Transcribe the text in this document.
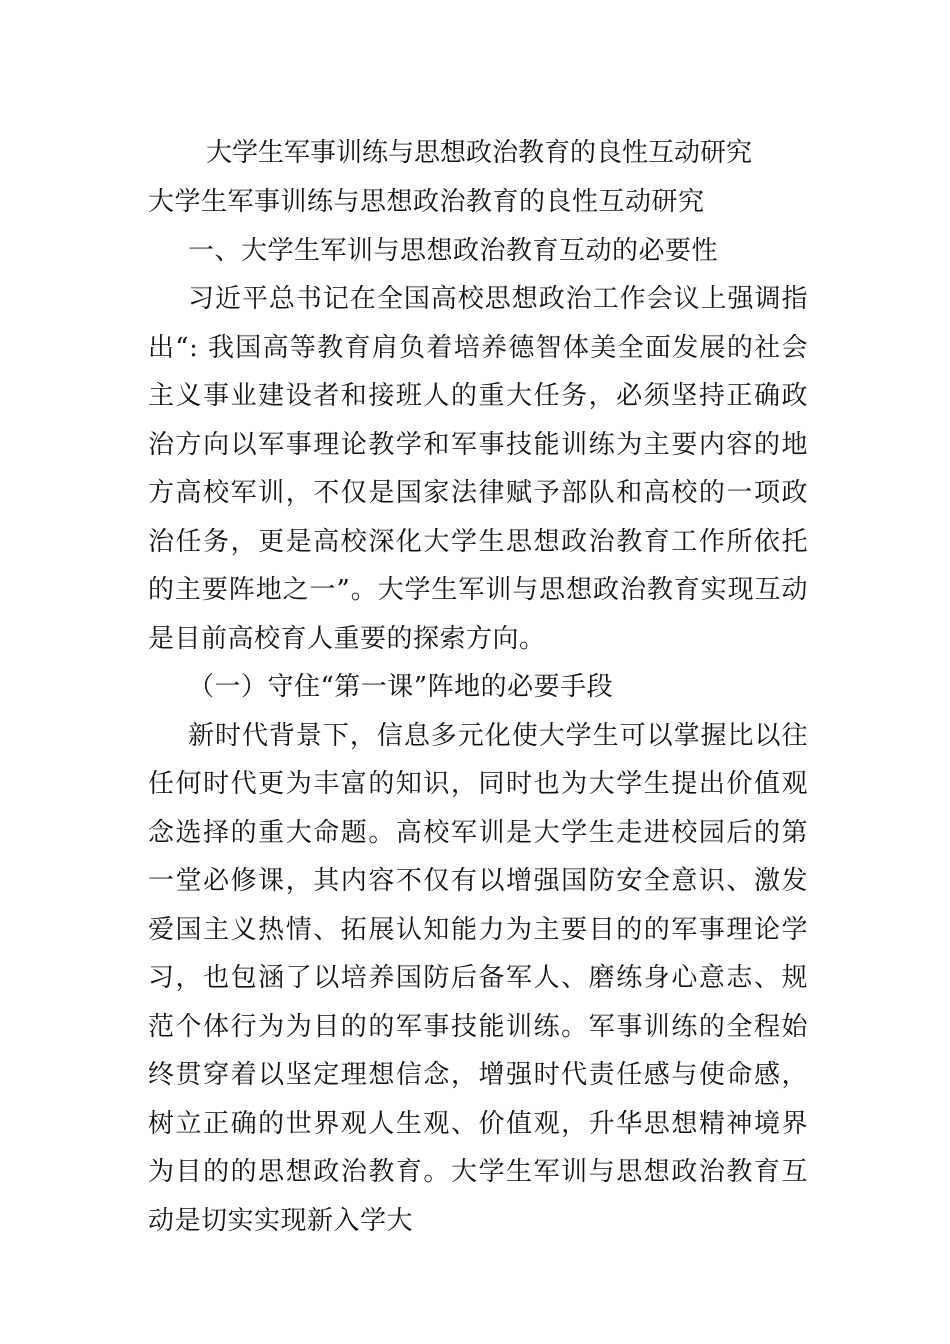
大学生军事训练与思想政治教育的良性互动研究

大学生军事训练与思想政治教育的良性互动研究

一、大学生军训与思想政治教育互动的必要性

习近平总书记在全国高校思想政治工作会议上强调指出“: 我国高等教育肩负着培养德智体美全面发展的社会主义事业建设者和接班人的重大任务，必须坚持正确政治方向以军事理论教学和军事技能训练为主要内容的地方高校军训，不仅是国家法律赋予部队和高校的一项政治任务，更是高校深化大学生思想政治教育工作所依托的主要阵地之一”。大学生军训与思想政治教育实现互动是目前高校育人重要的探索方向。

（一）守住“第一课”阵地的必要手段

新时代背景下，信息多元化使大学生可以掌握比以往任何时代更为丰富的知识，同时也为大学生提出价值观念选择的重大命题。高校军训是大学生走进校园后的第一堂必修课，其内容不仅有以增强国防安全意识、激发爱国主义热情、拓展认知能力为主要目的的军事理论学习，也包涵了以培养国防后备军人、磨练身心意志、规范个体行为为目的的军事技能训练。军事训练的全程始终贯穿着以坚定理想信念，增强时代责任感与使命感，树立正确的世界观人生观、价值观，升华思想精神境界为目的的思想政治教育。大学生军训与思想政治教育互动是切实实现新入学大
